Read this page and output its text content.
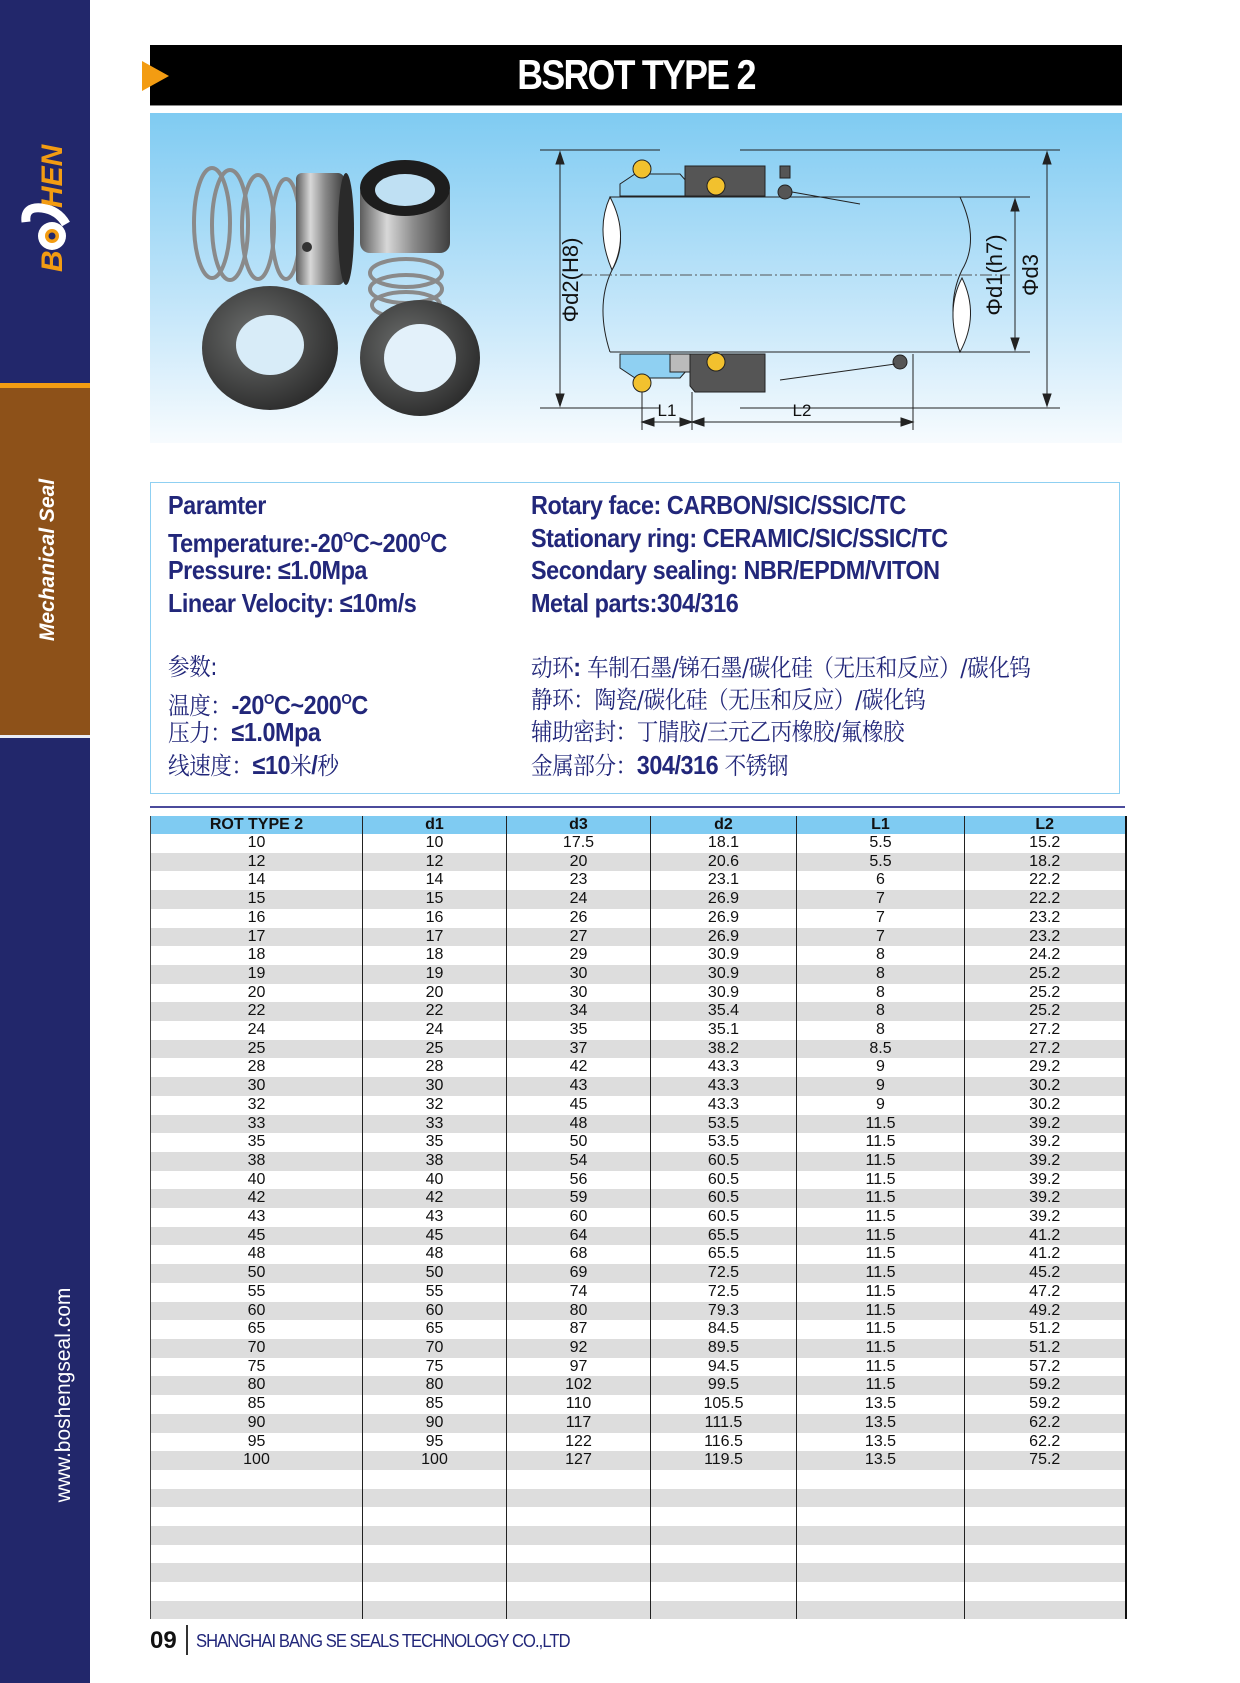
B
HEN
Mechanical Seal
www.boshengseal.com
BSROT TYPE 2
Φd2(H8)	Φd1(h7) Φd3
L1	L2
Paramter
$Temperature:-20^OC\sim 200^OC$
Pressure: ≤1.0Mpa
Linear Velocity: ≤10m/s
参数:
温度：$-20^OC\sim 200^OC$
压力：≤1.0Mpa
线速度：≤10米/秒
Rotary face: CARBON/SIC/SSIC/TC
Stationary ring: CERAMIC/SIC/SSIC/TC
Secondary sealing: NBR/EPDM/VITON
Metal parts:304/316
动环: 车制石墨/锑石墨/碳化硅（无压和反应）/碳化钨
静环：陶瓷/碳化硅（无压和反应）/碳化钨
辅助密封：丁腈胶/三元乙丙橡胶/氟橡胶
金属部分：304/316 不锈钢
ROT TYPE 2	d1	d3	d2	L1	L2
10	10	17.5	18.1	5.5	15.2
12	12	20	20.6	5.5	18.2
14	14	23	23.1	6	22.2
15	15	24	26.9	7	22.2
16	16	26	26.9	7	23.2
17	17	27	26.9	7	23.2
18	18	29	30.9	8	24.2
19	19	30	30.9	8	25.2
20	20	30	30.9	8	25.2
22	22	34	35.4	8	25.2
24	24	35	35.1	8	27.2
25	25	37	38.2	8.5	27.2
28	28	42	43.3	9	29.2
30	30	43	43.3	9	30.2
32	32	45	43.3	9	30.2
33	33	48	53.5	11.5	39.2
35	35	50	53.5	11.5	39.2
38	38	54	60.5	11.5	39.2
40	40	56	60.5	11.5	39.2
42	42	59	60.5	11.5	39.2
43	43	60	60.5	11.5	39.2
45	45	64	65.5	11.5	41.2
48	48	68	65.5	11.5	41.2
50	50	69	72.5	11.5	45.2
55	55	74	72.5	11.5	47.2
60	60	80	79.3	11.5	49.2
65	65	87	84.5	11.5	51.2
70	70	92	89.5	11.5	51.2
75	75	97	94.5	11.5	57.2
80	80	102	99.5	11.5	59.2
85	85	110	105.5	13.5	59.2
90	90	117	111.5	13.5	62.2
95	95	122	116.5	13.5	62.2
100	100	127	119.5	13.5	75.2

09 SHANGHAI BANG SE SEALS TECHNOLOGY CO.,LTD
